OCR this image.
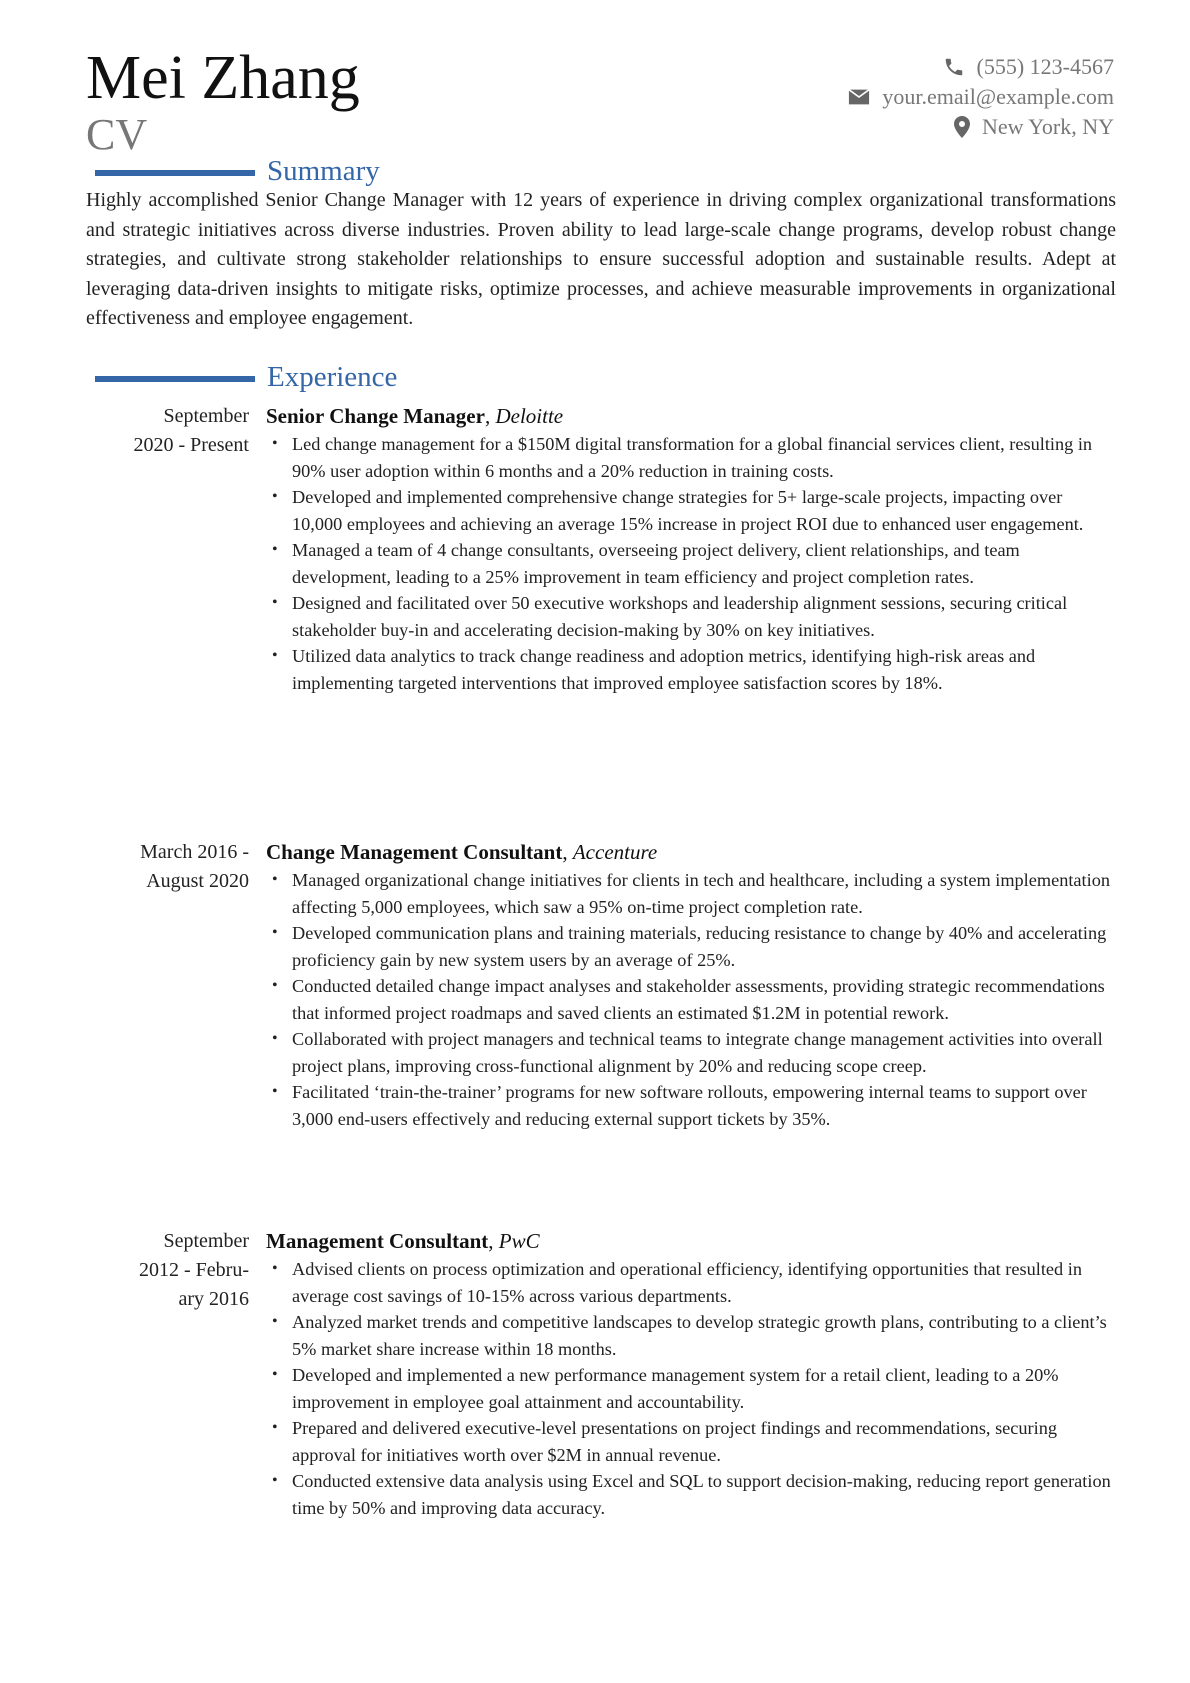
Mei Zhang
CV
(555) 123-4567
your.email@example.com
New York, NY
Summary
Highly accomplished Senior Change Manager with 12 years of experience in driving complex organizational transformations and strategic initiatives across diverse industries. Proven ability to lead large-scale change programs, develop robust change strategies, and cultivate strong stakeholder relationships to ensure successful adoption and sustainable results. Adept at leveraging data-driven insights to mitigate risks, optimize processes, and achieve measurable improvements in organizational effectiveness and employee engagement.
Experience
September
2020 - Present
Senior Change Manager, Deloitte
• Led change management for a $150M digital transformation for a global financial services client, resulting in 90% user adoption within 6 months and a 20% reduction in training costs.
• Developed and implemented comprehensive change strategies for 5+ large-scale projects, impacting over 10,000 employees and achieving an average 15% increase in project ROI due to enhanced user engagement.
• Managed a team of 4 change consultants, overseeing project delivery, client relationships, and team development, leading to a 25% improvement in team efficiency and project completion rates.
• Designed and facilitated over 50 executive workshops and leadership alignment sessions, securing critical stakeholder buy-in and accelerating decision-making by 30% on key initiatives.
• Utilized data analytics to track change readiness and adoption metrics, identifying high-risk areas and implementing targeted interventions that improved employee satisfaction scores by 18%.
March 2016 -
August 2020
Change Management Consultant, Accenture
• Managed organizational change initiatives for clients in tech and healthcare, including a system implementation affecting 5,000 employees, which saw a 95% on-time project completion rate.
• Developed communication plans and training materials, reducing resistance to change by 40% and accelerating proficiency gain by new system users by an average of 25%.
• Conducted detailed change impact analyses and stakeholder assessments, providing strategic recommendations that informed project roadmaps and saved clients an estimated $1.2M in potential rework.
• Collaborated with project managers and technical teams to integrate change management activities into overall project plans, improving cross-functional alignment by 20% and reducing scope creep.
• Facilitated ‘train-the-trainer’ programs for new software rollouts, empowering internal teams to support over 3,000 end-users effectively and reducing external support tickets by 35%.
September
2012 - Febru-
ary 2016
Management Consultant, PwC
• Advised clients on process optimization and operational efficiency, identifying opportunities that resulted in average cost savings of 10-15% across various departments.
• Analyzed market trends and competitive landscapes to develop strategic growth plans, contributing to a client’s 5% market share increase within 18 months.
• Developed and implemented a new performance management system for a retail client, leading to a 20% improvement in employee goal attainment and accountability.
• Prepared and delivered executive-level presentations on project findings and recommendations, securing approval for initiatives worth over $2M in annual revenue.
• Conducted extensive data analysis using Excel and SQL to support decision-making, reducing report generation time by 50% and improving data accuracy.
